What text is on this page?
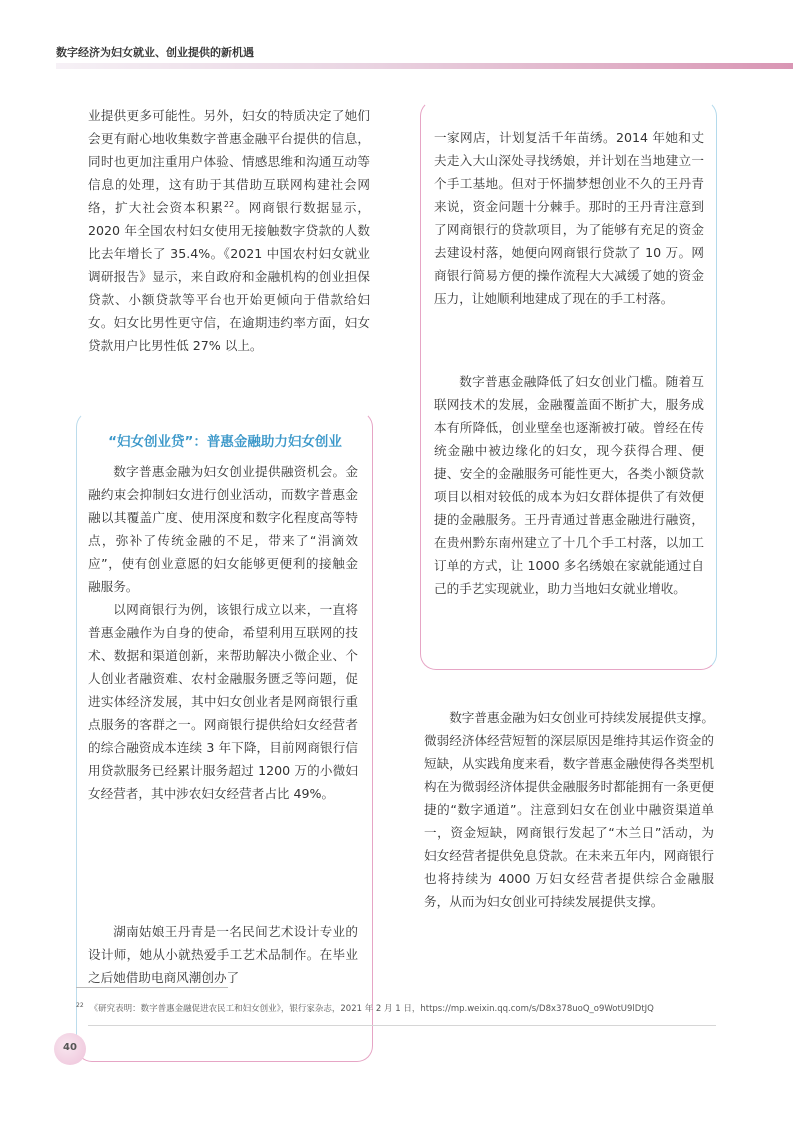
数字经济为妇女就业、创业提供的新机遇

业提供更多可能性。另外，妇女的特质决定了她们会更有耐心地收集数字普惠金融平台提供的信息，同时也更加注重用户体验、情感思维和沟通互动等信息的处理，这有助于其借助互联网构建社会网络，扩大社会资本积累$^{22}$。网商银行数据显示，2020 年全国农村妇女使用无接触数字贷款的人数比去年增长了 35.4%。《2021 中国农村妇女就业调研报告》显示，来自政府和金融机构的创业担保贷款、小额贷款等平台也开始更倾向于借款给妇女。妇女比男性更守信，在逾期违约率方面，妇女贷款用户比男性低 27% 以上。

“妇女创业贷”：普惠金融助力妇女创业

数字普惠金融为妇女创业提供融资机会。金融约束会抑制妇女进行创业活动，而数字普惠金融以其覆盖广度、使用深度和数字化程度高等特点，弥补了传统金融的不足，带来了“涓滴效应”，使有创业意愿的妇女能够更便利的接触金融服务。

以网商银行为例，该银行成立以来，一直将普惠金融作为自身的使命，希望利用互联网的技术、数据和渠道创新，来帮助解决小微企业、个人创业者融资难、农村金融服务匮乏等问题，促进实体经济发展，其中妇女创业者是网商银行重点服务的客群之一。网商银行提供给妇女经营者的综合融资成本连续 3 年下降，目前网商银行信用贷款服务已经累计服务超过 1200 万的小微妇女经营者，其中涉农妇女经营者占比 49%。

湖南姑娘王丹青是一名民间艺术设计专业的设计师，她从小就热爱手工艺术品制作。在毕业之后她借助电商风潮创办了

一家网店，计划复活千年苗绣。2014 年她和丈夫走入大山深处寻找绣娘，并计划在当地建立一个手工基地。但对于怀揣梦想创业不久的王丹青来说，资金问题十分棘手。那时的王丹青注意到了网商银行的贷款项目，为了能够有充足的资金去建设村落，她便向网商银行贷款了 10 万。网商银行简易方便的操作流程大大减缓了她的资金压力，让她顺利地建成了现在的手工村落。

数字普惠金融降低了妇女创业门槛。随着互联网技术的发展，金融覆盖面不断扩大，服务成本有所降低，创业壁垒也逐渐被打破。曾经在传统金融中被边缘化的妇女，现今获得合理、便捷、安全的金融服务可能性更大，各类小额贷款项目以相对较低的成本为妇女群体提供了有效便捷的金融服务。王丹青通过普惠金融进行融资，在贵州黔东南州建立了十几个手工村落，以加工订单的方式，让 1000 多名绣娘在家就能通过自己的手艺实现就业，助力当地妇女就业增收。

数字普惠金融为妇女创业可持续发展提供支撑。微弱经济体经营短暂的深层原因是维持其运作资金的短缺，从实践角度来看，数字普惠金融使得各类型机构在为微弱经济体提供金融服务时都能拥有一条更便捷的“数字通道”。注意到妇女在创业中融资渠道单一，资金短缺，网商银行发起了“木兰日”活动，为妇女经营者提供免息贷款。在未来五年内，网商银行也将持续为 4000 万妇女经营者提供综合金融服务，从而为妇女创业可持续发展提供支撑。

$^{22}$ 《研究表明：数字普惠金融促进农民工和妇女创业》，银行家杂志，2021 年 2 月 1 日，https://mp.weixin.qq.com/s/D8x378uoQ_o9WotU9lDtJQ
40
